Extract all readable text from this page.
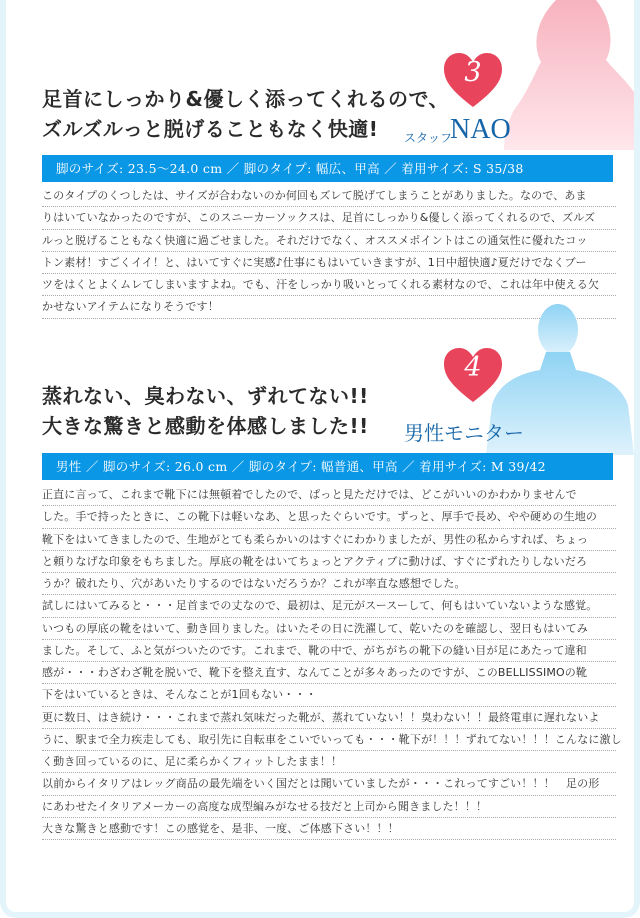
3
足首にしっかり&優しく添ってくれるので、
ズルズルっと脱げることもなく快適!	スタッフ
NAO
脚のサイズ: 23.5〜24.0 cm ／ 脚のタイプ: 幅広、甲高 ／ 着用サイズ: S 35/38
このタイプのくつしたは、サイズが合わないのか何回もズレて脱げてしまうことがありました。なので、あま
りはいていなかったのですが、このスニーカーソックスは、足首にしっかり&優しく添ってくれるので、ズルズ
ルっと脱げることもなく快適に過ごせました。それだけでなく、オススメポイントはこの通気性に優れたコッ
トン素材！すごくイイ！と、はいてすぐに実感♪仕事にもはいていきますが、1日中超快適♪夏だけでなくブー
ツをはくとよくムレてしまいますよね。でも、汗をしっかり吸いとってくれる素材なので、これは年中使える欠
かせないアイテムになりそうです！
4
蒸れない、臭わない、ずれてない!!
大きな驚きと感動を体感しました!! 男性モニター
男性 ／ 脚のサイズ: 26.0 cm ／ 脚のタイプ: 幅普通、甲高 ／ 着用サイズ: M 39/42
正直に言って、これまで靴下には無頓着でしたので、ぱっと見ただけでは、どこがいいのかわかりませんで
した。手で持ったときに、この靴下は軽いなあ、と思ったぐらいです。ずっと、厚手で長め、やや硬めの生地の
靴下をはいてきましたので、生地がとても柔らかいのはすぐにわかりましたが、男性の私からすれば、ちょっ
と頼りなげな印象をもちました。厚底の靴をはいてちょっとアクティブに動けば、すぐにずれたりしないだろ
うか？破れたり、穴があいたりするのではないだろうか？これが率直な感想でした。
試しにはいてみると・・・足首までの丈なので、最初は、足元がスースーして、何もはいていないような感覚。
いつもの厚底の靴をはいて、動き回りました。はいたその日に洗濯して、乾いたのを確認し、翌日もはいてみ
ました。そして、ふと気がついたのです。これまで、靴の中で、がちがちの靴下の縫い目が足にあたって違和
感が・・・わざわざ靴を脱いで、靴下を整え直す、なんてことが多々あったのですが、このBELLISSIMOの靴
下をはいているときは、そんなことが1回もない・・・
更に数日、はき続け・・・これまで蒸れ気味だった靴が、蒸れていない！！臭わない！！最終電車に遅れないよ
うに、駅まで全力疾走しても、取引先に自転車をこいでいっても・・・靴下が！！！ずれてない！！！こんなに激し
く動き回っているのに、足に柔らかくフィットしたまま！！
以前からイタリアはレッグ商品の最先端をいく国だとは聞いていましたが・・・これってすごい！！！　足の形
にあわせたイタリアメーカーの高度な成型編みがなせる技だと上司から聞きました！！！
大きな驚きと感動です！この感覚を、是非、一度、ご体感下さい！！！
